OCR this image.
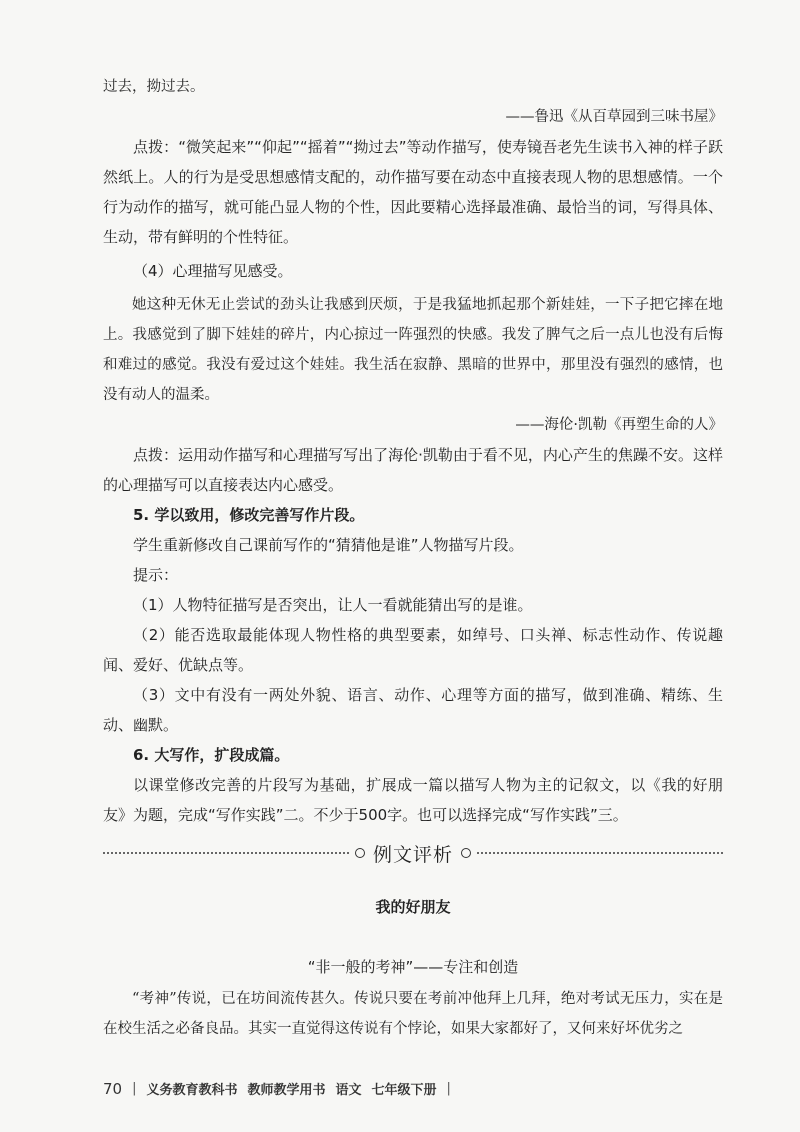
过去，拗过去。

——鲁迅《从百草园到三味书屋》

点拨：“微笑起来”“仰起”“摇着”“拗过去”等动作描写，使寿镜吾老先生读书入神的样子跃然纸上。人的行为是受思想感情支配的，动作描写要在动态中直接表现人物的思想感情。一个行为动作的描写，就可能凸显人物的个性，因此要精心选择最准确、最恰当的词，写得具体、生动，带有鲜明的个性特征。

（4）心理描写见感受。

她这种无休无止尝试的劲头让我感到厌烦，于是我猛地抓起那个新娃娃，一下子把它摔在地上。我感觉到了脚下娃娃的碎片，内心掠过一阵强烈的快感。我发了脾气之后一点儿也没有后悔和难过的感觉。我没有爱过这个娃娃。我生活在寂静、黑暗的世界中，那里没有强烈的感情，也没有动人的温柔。

——海伦·凯勒《再塑生命的人》

点拨：运用动作描写和心理描写写出了海伦·凯勒由于看不见，内心产生的焦躁不安。这样的心理描写可以直接表达内心感受。

5. 学以致用，修改完善写作片段。

学生重新修改自己课前写作的“猜猜他是谁”人物描写片段。

提示：

（1）人物特征描写是否突出，让人一看就能猜出写的是谁。

（2）能否选取最能体现人物性格的典型要素，如绰号、口头禅、标志性动作、传说趣闻、爱好、优缺点等。

（3）文中有没有一两处外貌、语言、动作、心理等方面的描写，做到准确、精练、生动、幽默。

6. 大写作，扩段成篇。

以课堂修改完善的片段写为基础，扩展成一篇以描写人物为主的记叙文，以《我的好朋友》为题，完成“写作实践”二。不少于500字。也可以选择完成“写作实践”三。

例文评析
我的好朋友
“非一般的考神”——专注和创造

“考神”传说，已在坊间流传甚久。传说只要在考前冲他拜上几拜，绝对考试无压力，实在是在校生活之必备良品。其实一直觉得这传说有个悖论，如果大家都好了，又何来好坏优劣之

70 | 义务教育教科书 教师教学用书 语文 七年级下册 |
